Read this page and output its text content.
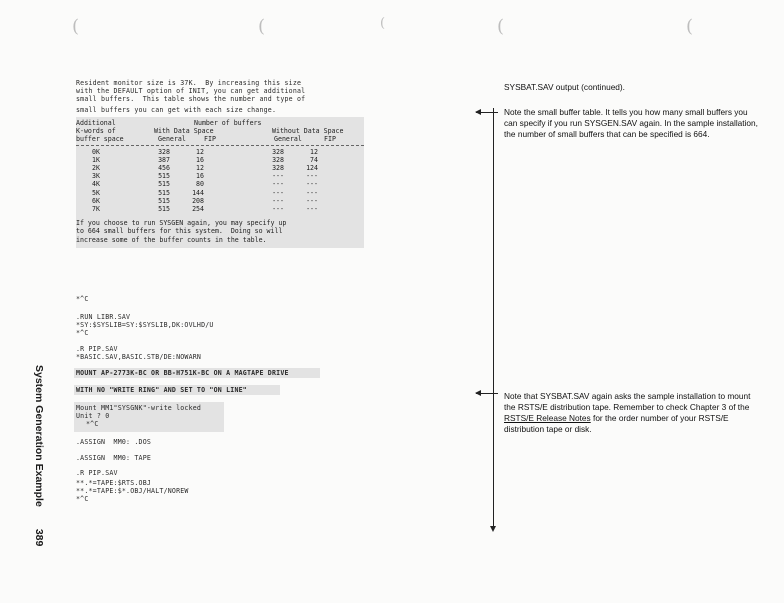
(	(	(	(	(
System Generation Example389
Resident monitor size is 37K.  By increasing this size
with the DEFAULT option of INIT, you can get additional
small buffers.  This table shows the number and type of
small buffers you can get with each size change.
Additional	Number of buffers
K-words of	With Data Space	Without Data Space
buffer space	General	FIP	General	FIP
0K	328	12	328	12
1K	387	16	328	74
2K	456	12	328	124
3K	515	16	---	---
4K	515	80	---	---
5K	515	144	---	---
6K	515	208	---	---
7K	515	254	---	---
If you choose to run SYSGEN again, you may specify up
to 664 small buffers for this system.  Doing so will
increase some of the buffer counts in the table.
*^C
.RUN LIBR.SAV
*SY:$SYSLIB=SY:$SYSLIB,DK:OVLHD/U
*^C
.R PIP.SAV
*BASIC.SAV,BASIC.STB/DE:NOWARN
MOUNT AP-2773K-BC OR BB-H751K-BC ON A MAGTAPE DRIVE
WITH NO "WRITE RING" AND SET TO "ON LINE"
Mount MM1"SYSGNK"-write locked
Unit ? 0
*^C
.ASSIGN  MM0: .DOS
.ASSIGN  MM0: TAPE
.R PIP.SAV
**.*=TAPE:$RTS.OBJ
**.*=TAPE:$*.OBJ/HALT/NOREW
*^C
SYSBAT.SAV output (continued).
Note the small buffer table. It tells you how many small buffers you can specify if you run SYSGEN.SAV again. In the sample installation, the number of small buffers that can be specified is 664.
Note that SYSBAT.SAV again asks the sample installation to mount the RSTS/E distribution tape. Remember to check Chapter 3 of the RSTS/E Release Notes for the order number of your RSTS/E distribution tape or disk.
